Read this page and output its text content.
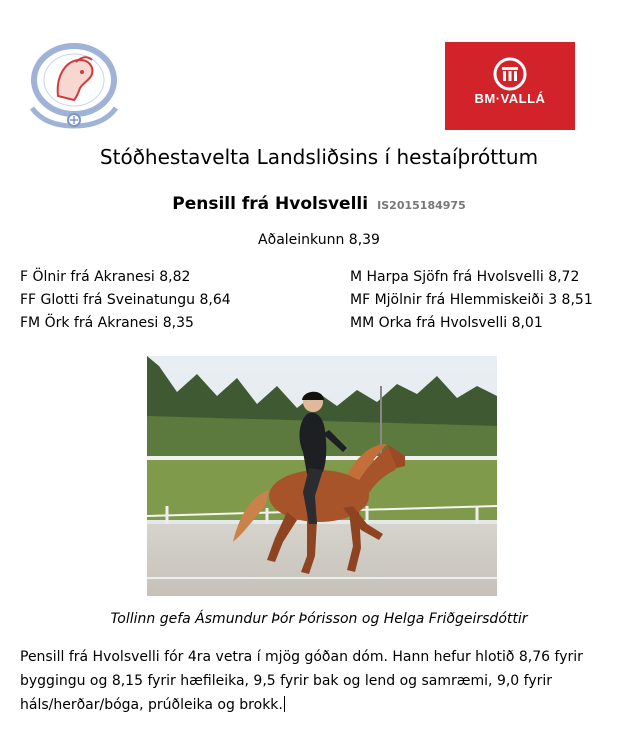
BM·VALLÁ
Stóðhestavelta Landsliðsins í hestaíþróttum
Pensill frá Hvolsvelli IS2015184975
Aðaleinkunn 8,39
F Ölnir frá Akranesi 8,82
FF Glotti frá Sveinatungu 8,64
FM Örk frá Akranesi 8,35
M Harpa Sjöfn frá Hvolsvelli 8,72
MF Mjölnir frá Hlemmiskeiði 3 8,51
MM Orka frá Hvolsvelli 8,01
Tollinn gefa Ásmundur Þór Þórisson og Helga Friðgeirsdóttir
Pensill frá Hvolsvelli fór 4ra vetra í mjög góðan dóm. Hann hefur hlotið 8,76 fyrir byggingu og 8,15 fyrir hæfileika, 9,5 fyrir bak og lend og samræmi, 9,0 fyrir háls/herðar/bóga, prúðleika og brokk.
